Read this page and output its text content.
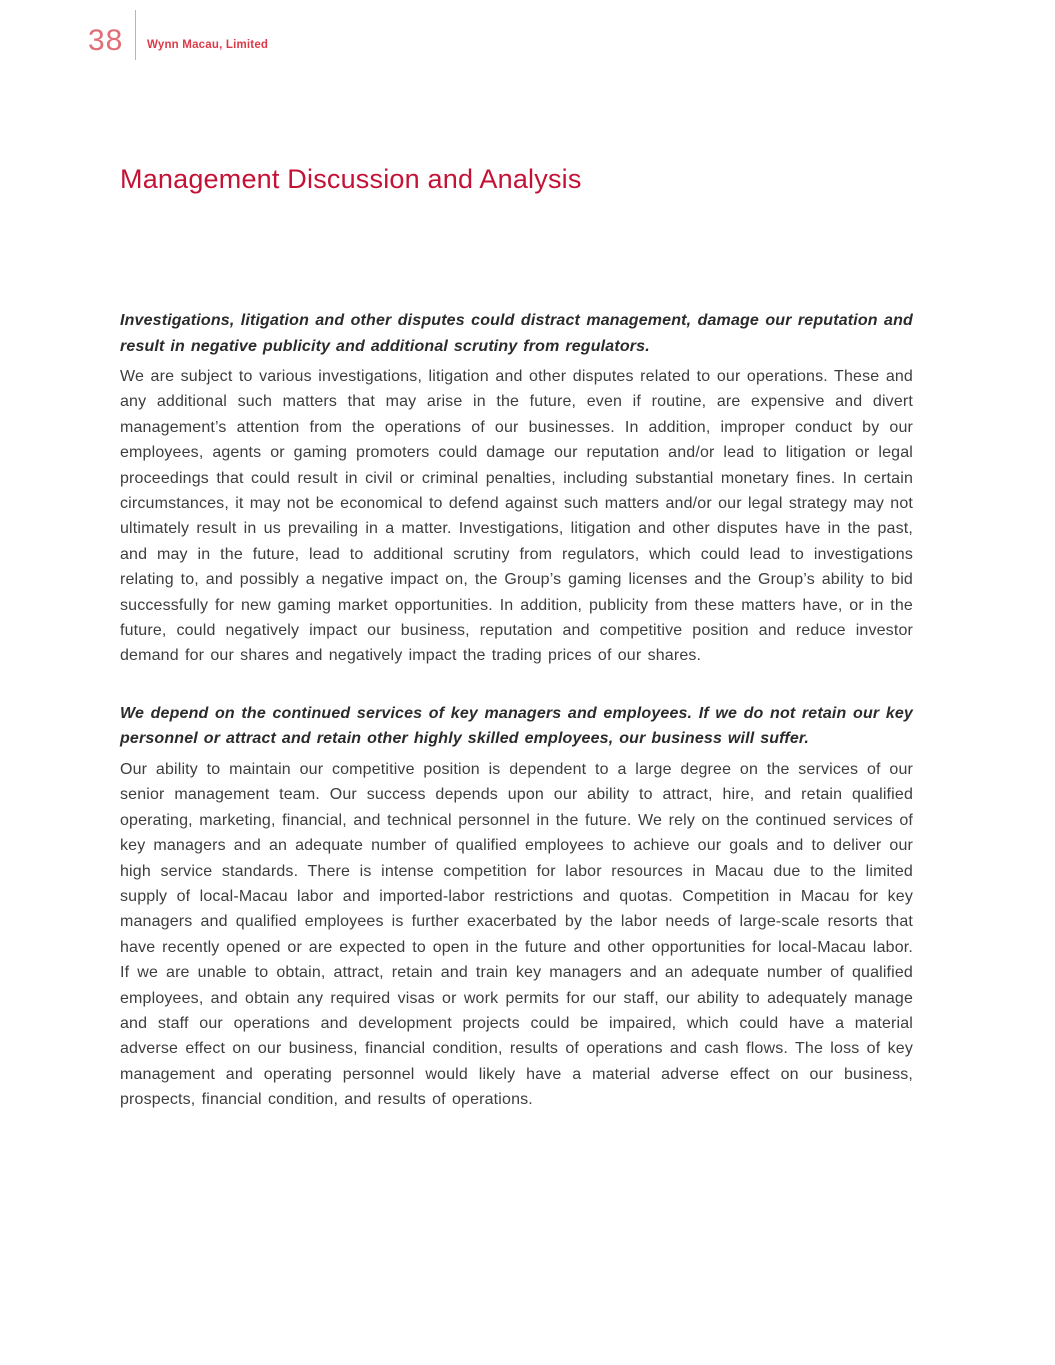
38 Wynn Macau, Limited
Management Discussion and Analysis
Investigations, litigation and other disputes could distract management, damage our reputation and result in negative publicity and additional scrutiny from regulators.

We are subject to various investigations, litigation and other disputes related to our operations. These and any additional such matters that may arise in the future, even if routine, are expensive and divert management’s attention from the operations of our businesses. In addition, improper conduct by our employees, agents or gaming promoters could damage our reputation and/or lead to litigation or legal proceedings that could result in civil or criminal penalties, including substantial monetary fines. In certain circumstances, it may not be economical to defend against such matters and/or our legal strategy may not ultimately result in us prevailing in a matter. Investigations, litigation and other disputes have in the past, and may in the future, lead to additional scrutiny from regulators, which could lead to investigations relating to, and possibly a negative impact on, the Group’s gaming licenses and the Group’s ability to bid successfully for new gaming market opportunities. In addition, publicity from these matters have, or in the future, could negatively impact our business, reputation and competitive position and reduce investor demand for our shares and negatively impact the trading prices of our shares.

We depend on the continued services of key managers and employees. If we do not retain our key personnel or attract and retain other highly skilled employees, our business will suffer.

Our ability to maintain our competitive position is dependent to a large degree on the services of our senior management team. Our success depends upon our ability to attract, hire, and retain qualified operating, marketing, financial, and technical personnel in the future. We rely on the continued services of key managers and an adequate number of qualified employees to achieve our goals and to deliver our high service standards. There is intense competition for labor resources in Macau due to the limited supply of local-Macau labor and imported-labor restrictions and quotas. Competition in Macau for key managers and qualified employees is further exacerbated by the labor needs of large-scale resorts that have recently opened or are expected to open in the future and other opportunities for local-Macau labor. If we are unable to obtain, attract, retain and train key managers and an adequate number of qualified employees, and obtain any required visas or work permits for our staff, our ability to adequately manage and staff our operations and development projects could be impaired, which could have a material adverse effect on our business, financial condition, results of operations and cash flows. The loss of key management and operating personnel would likely have a material adverse effect on our business, prospects, financial condition, and results of operations.
